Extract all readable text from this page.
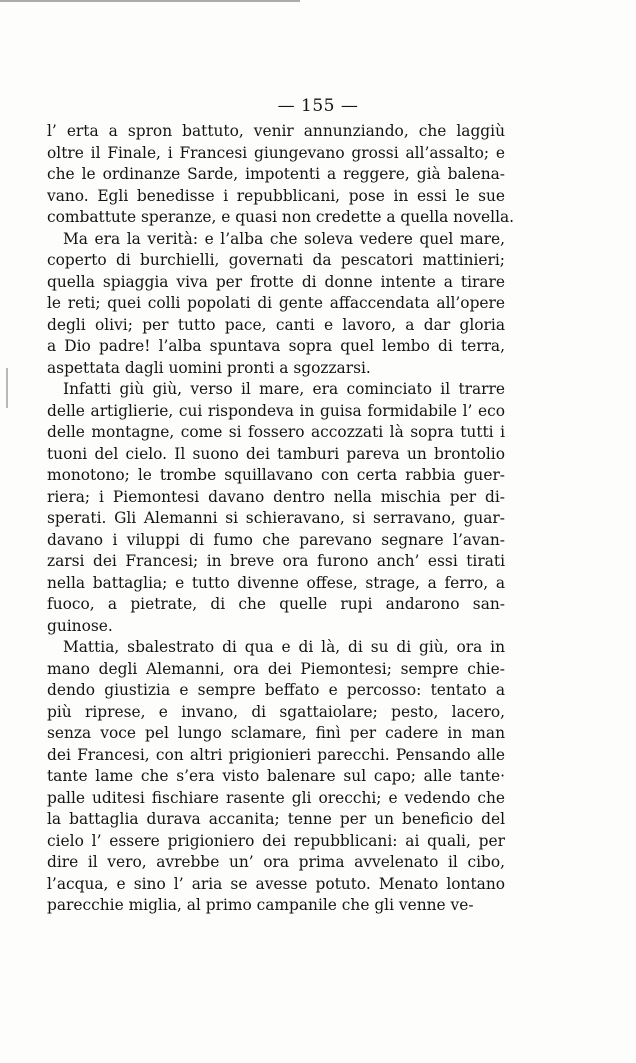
— 155 —
l’ erta a spron battuto, venir annunziando, che laggiù
oltre il Finale, i Francesi giungevano grossi all’assalto; e
che le ordinanze Sarde, impotenti a reggere, già balena-
vano. Egli benedisse i repubblicani, pose in essi le sue
combattute speranze, e quasi non credette a quella novella.
Ma era la verità: e l’alba che soleva vedere quel mare,
coperto di burchielli, governati da pescatori mattinieri;
quella spiaggia viva per frotte di donne intente a tirare
le reti; quei colli popolati di gente affaccendata all’opere
degli olivi; per tutto pace, canti e lavoro, a dar gloria
a Dio padre! l’alba spuntava sopra quel lembo di terra,
aspettata dagli uomini pronti a sgozzarsi.
Infatti giù giù, verso il mare, era cominciato il trarre
delle artiglierie, cui rispondeva in guisa formidabile l’ eco
delle montagne, come si fossero accozzati là sopra tutti i
tuoni del cielo. Il suono dei tamburi pareva un brontolio
monotono; le trombe squillavano con certa rabbia guer-
riera; i Piemontesi davano dentro nella mischia per di-
sperati. Gli Alemanni si schieravano, si serravano, guar-
davano i viluppi di fumo che parevano segnare l’avan-
zarsi dei Francesi; in breve ora furono anch’ essi tirati
nella battaglia; e tutto divenne offese, strage, a ferro, a
fuoco, a pietrate, di che quelle rupi andarono san-
guinose.
Mattia, sbalestrato di qua e di là, di su di giù, ora in
mano degli Alemanni, ora dei Piemontesi; sempre chie-
dendo giustizia e sempre beffato e percosso: tentato a
più riprese, e invano, di sgattaiolare; pesto, lacero,
senza voce pel lungo sclamare, finì per cadere in man
dei Francesi, con altri prigionieri parecchi. Pensando alle
tante lame che s’era visto balenare sul capo; alle tante·
palle uditesi fischiare rasente gli orecchi; e vedendo che
la battaglia durava accanita; tenne per un beneficio del
cielo l’ essere prigioniero dei repubblicani: ai quali, per
dire il vero, avrebbe un’ ora prima avvelenato il cibo,
l’acqua, e sino l’ aria se avesse potuto. Menato lontano
parecchie miglia, al primo campanile che gli venne ve-
